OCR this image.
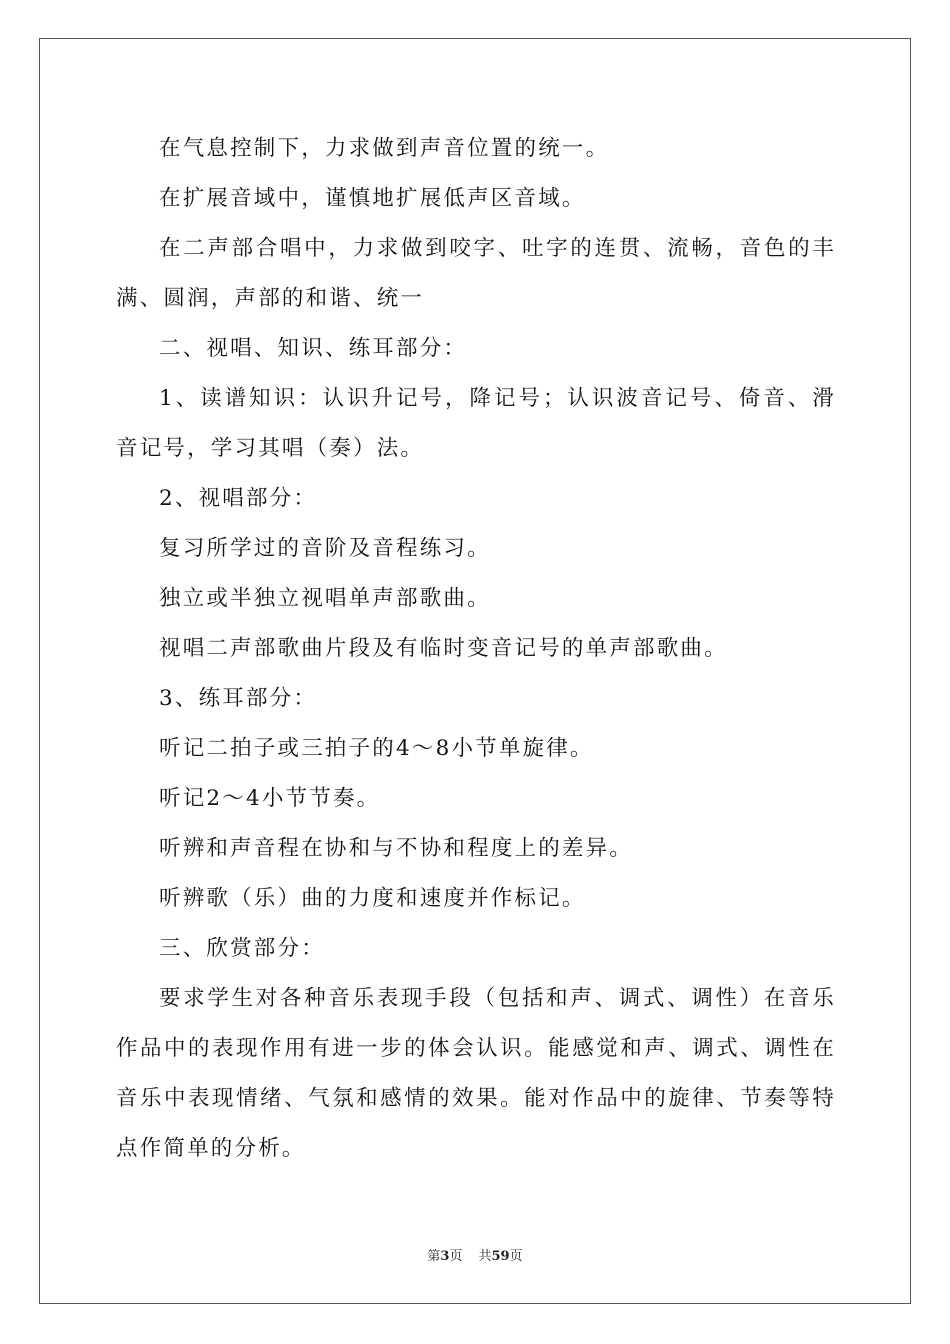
在气息控制下，力求做到声音位置的统一。

在扩展音域中，谨慎地扩展低声区音域。

在二声部合唱中，力求做到咬字、吐字的连贯、流畅，音色的丰满、圆润，声部的和谐、统一

二、视唱、知识、练耳部分：

1、读谱知识：认识升记号，降记号；认识波音记号、倚音、滑音记号，学习其唱（奏）法。

2、视唱部分：

复习所学过的音阶及音程练习。

独立或半独立视唱单声部歌曲。

视唱二声部歌曲片段及有临时变音记号的单声部歌曲。

3、练耳部分：

听记二拍子或三拍子的4～8小节单旋律。

听记2～4小节节奏。

听辨和声音程在协和与不协和程度上的差异。

听辨歌（乐）曲的力度和速度并作标记。

三、欣赏部分：

要求学生对各种音乐表现手段（包括和声、调式、调性）在音乐作品中的表现作用有进一步的体会认识。能感觉和声、调式、调性在音乐中表现情绪、气氛和感情的效果。能对作品中的旋律、节奏等特点作简单的分析。

第3页 共59页
